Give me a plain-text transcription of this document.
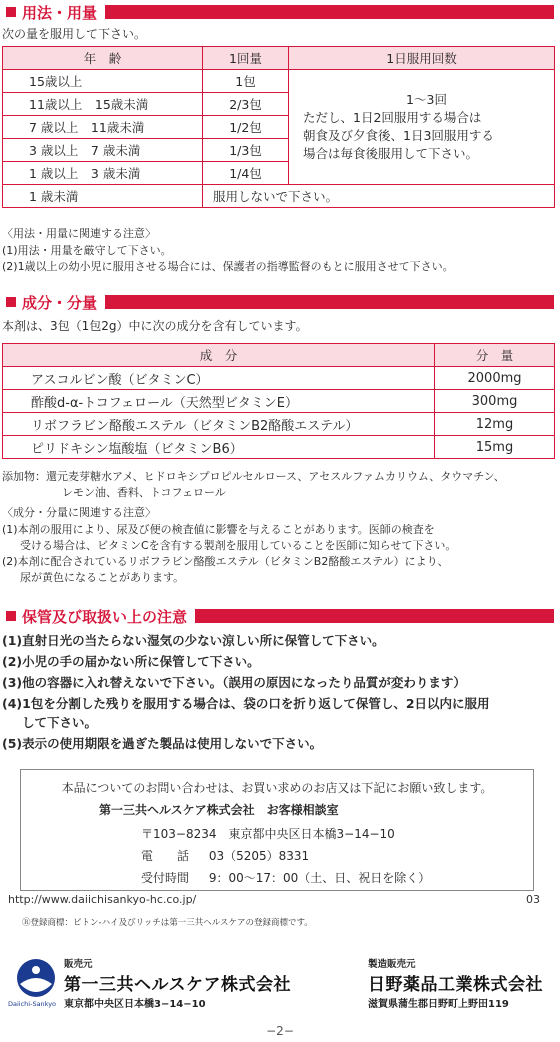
用法・用量
次の量を服用して下さい。
年　齢	1回量	1日服用回数
15歳以上	1包	1〜3回
ただし、1日2回服用する場合は
朝食及び夕食後、1日3回服用する
場合は毎食後服用して下さい。

11歳以上　15歳未満	2/3包	
7 歳以上　11歳未満	1/2包	
3 歳以上　7 歳未満	1/3包	
1 歳以上　3 歳未満	1/4包	
1 歳未満	服用しないで下さい。	
〈用法・用量に関連する注意〉
(1)用法・用量を厳守して下さい。
(2)1歳以上の幼小児に服用させる場合には、保護者の指導監督のもとに服用させて下さい。
成分・分量
本剤は、3包（1包2g）中に次の成分を含有しています。
成　分	分　量
アスコルビン酸（ビタミンC）	2000mg
酢酸d-α-トコフェロール（天然型ビタミンE）	300mg
リボフラビン酪酸エステル（ビタミンB2酪酸エステル）	12mg
ピリドキシン塩酸塩（ビタミンB6）	15mg
添加物：還元麦芽糖水アメ、ヒドロキシプロピルセルロース、アセスルファムカリウム、タウマチン、
レモン油、香料、トコフェロール
〈成分・分量に関連する注意〉
(1)本剤の服用により、尿及び便の検査値に影響を与えることがあります。医師の検査を
受ける場合は、ビタミンCを含有する製剤を服用していることを医師に知らせて下さい。
(2)本剤に配合されているリボフラビン酪酸エステル（ビタミンB2酪酸エステル）により、
尿が黄色になることがあります。
保管及び取扱い上の注意
(1)直射日光の当たらない湿気の少ない涼しい所に保管して下さい。
(2)小児の手の届かない所に保管して下さい。
(3)他の容器に入れ替えないで下さい。（誤用の原因になったり品質が変わります）
(4)1包を分割した残りを服用する場合は、袋の口を折り返して保管し、2日以内に服用
して下さい。
(5)表示の使用期限を過ぎた製品は使用しないで下さい。
本品についてのお問い合わせは、お買い求めのお店又は下記にお願い致します。
第一三共ヘルスケア株式会社　お客様相談室
〒103−8234　東京都中央区日本橋3−14−10
電　　話 03（5205）8331
受付時間 9：00〜17：00（土、日、祝日を除く）
http://www.daiichisankyo-hc.co.jp/	03
Ⓡ登録商標：ビトン-ハイ及びリッチは第一三共ヘルスケアの登録商標です。
Daiichi-Sankyo
販売元
第一三共ヘルスケア株式会社
東京都中央区日本橋3−14−10
製造販売元
日野薬品工業株式会社
滋賀県蒲生郡日野町上野田119
−2−
